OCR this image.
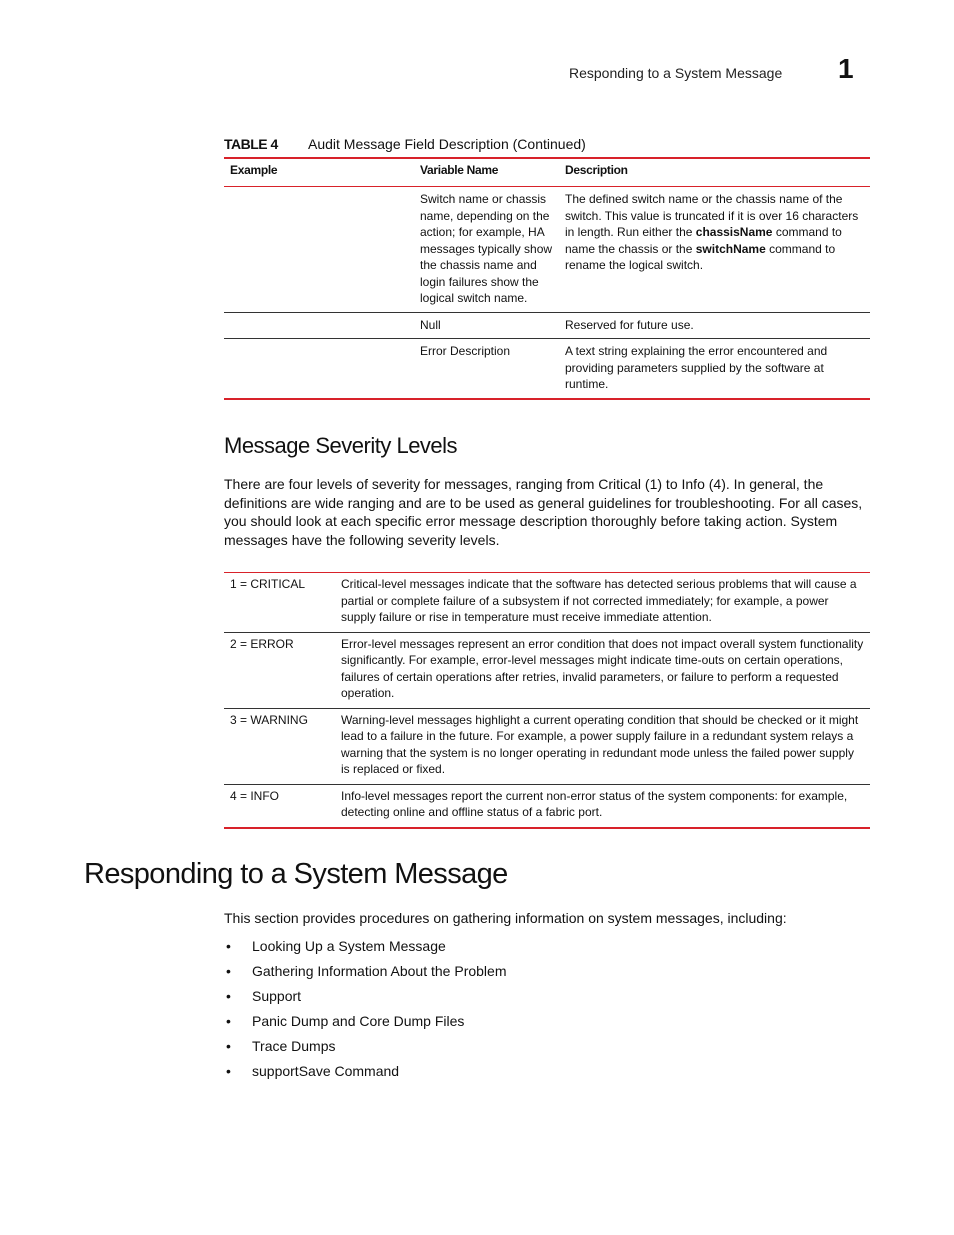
Responding to a System Message 1
TABLE 4 Audit Message Field Description (Continued)
Example	Variable Name	Description
	Switch name or chassis name, depending on the action; for example, HA messages typically show the chassis name and login failures show the logical switch name.	The defined switch name or the chassis name of the switch. This value is truncated if it is over 16 characters in length. Run either the chassisName command to name the chassis or the switchName command to rename the logical switch.
	Null	Reserved for future use.
	Error Description	A text string explaining the error encountered and providing parameters supplied by the software at runtime.
Message Severity Levels
There are four levels of severity for messages, ranging from Critical (1) to Info (4). In general, the definitions are wide ranging and are to be used as general guidelines for troubleshooting. For all cases, you should look at each specific error message description thoroughly before taking action. System messages have the following severity levels.
1 = CRITICAL	Critical-level messages indicate that the software has detected serious problems that will cause a partial or complete failure of a subsystem if not corrected immediately; for example, a power supply failure or rise in temperature must receive immediate attention.
2 = ERROR	Error-level messages represent an error condition that does not impact overall system functionality significantly. For example, error-level messages might indicate time-outs on certain operations, failures of certain operations after retries, invalid parameters, or failure to perform a requested operation.
3 = WARNING	Warning-level messages highlight a current operating condition that should be checked or it might lead to a failure in the future. For example, a power supply failure in a redundant system relays a warning that the system is no longer operating in redundant mode unless the failed power supply is replaced or fixed.
4 = INFO	Info-level messages report the current non-error status of the system components: for example, detecting online and offline status of a fabric port.
Responding to a System Message
This section provides procedures on gathering information on system messages, including:
• Looking Up a System Message
• Gathering Information About the Problem
• Support
• Panic Dump and Core Dump Files
• Trace Dumps
• supportSave Command
